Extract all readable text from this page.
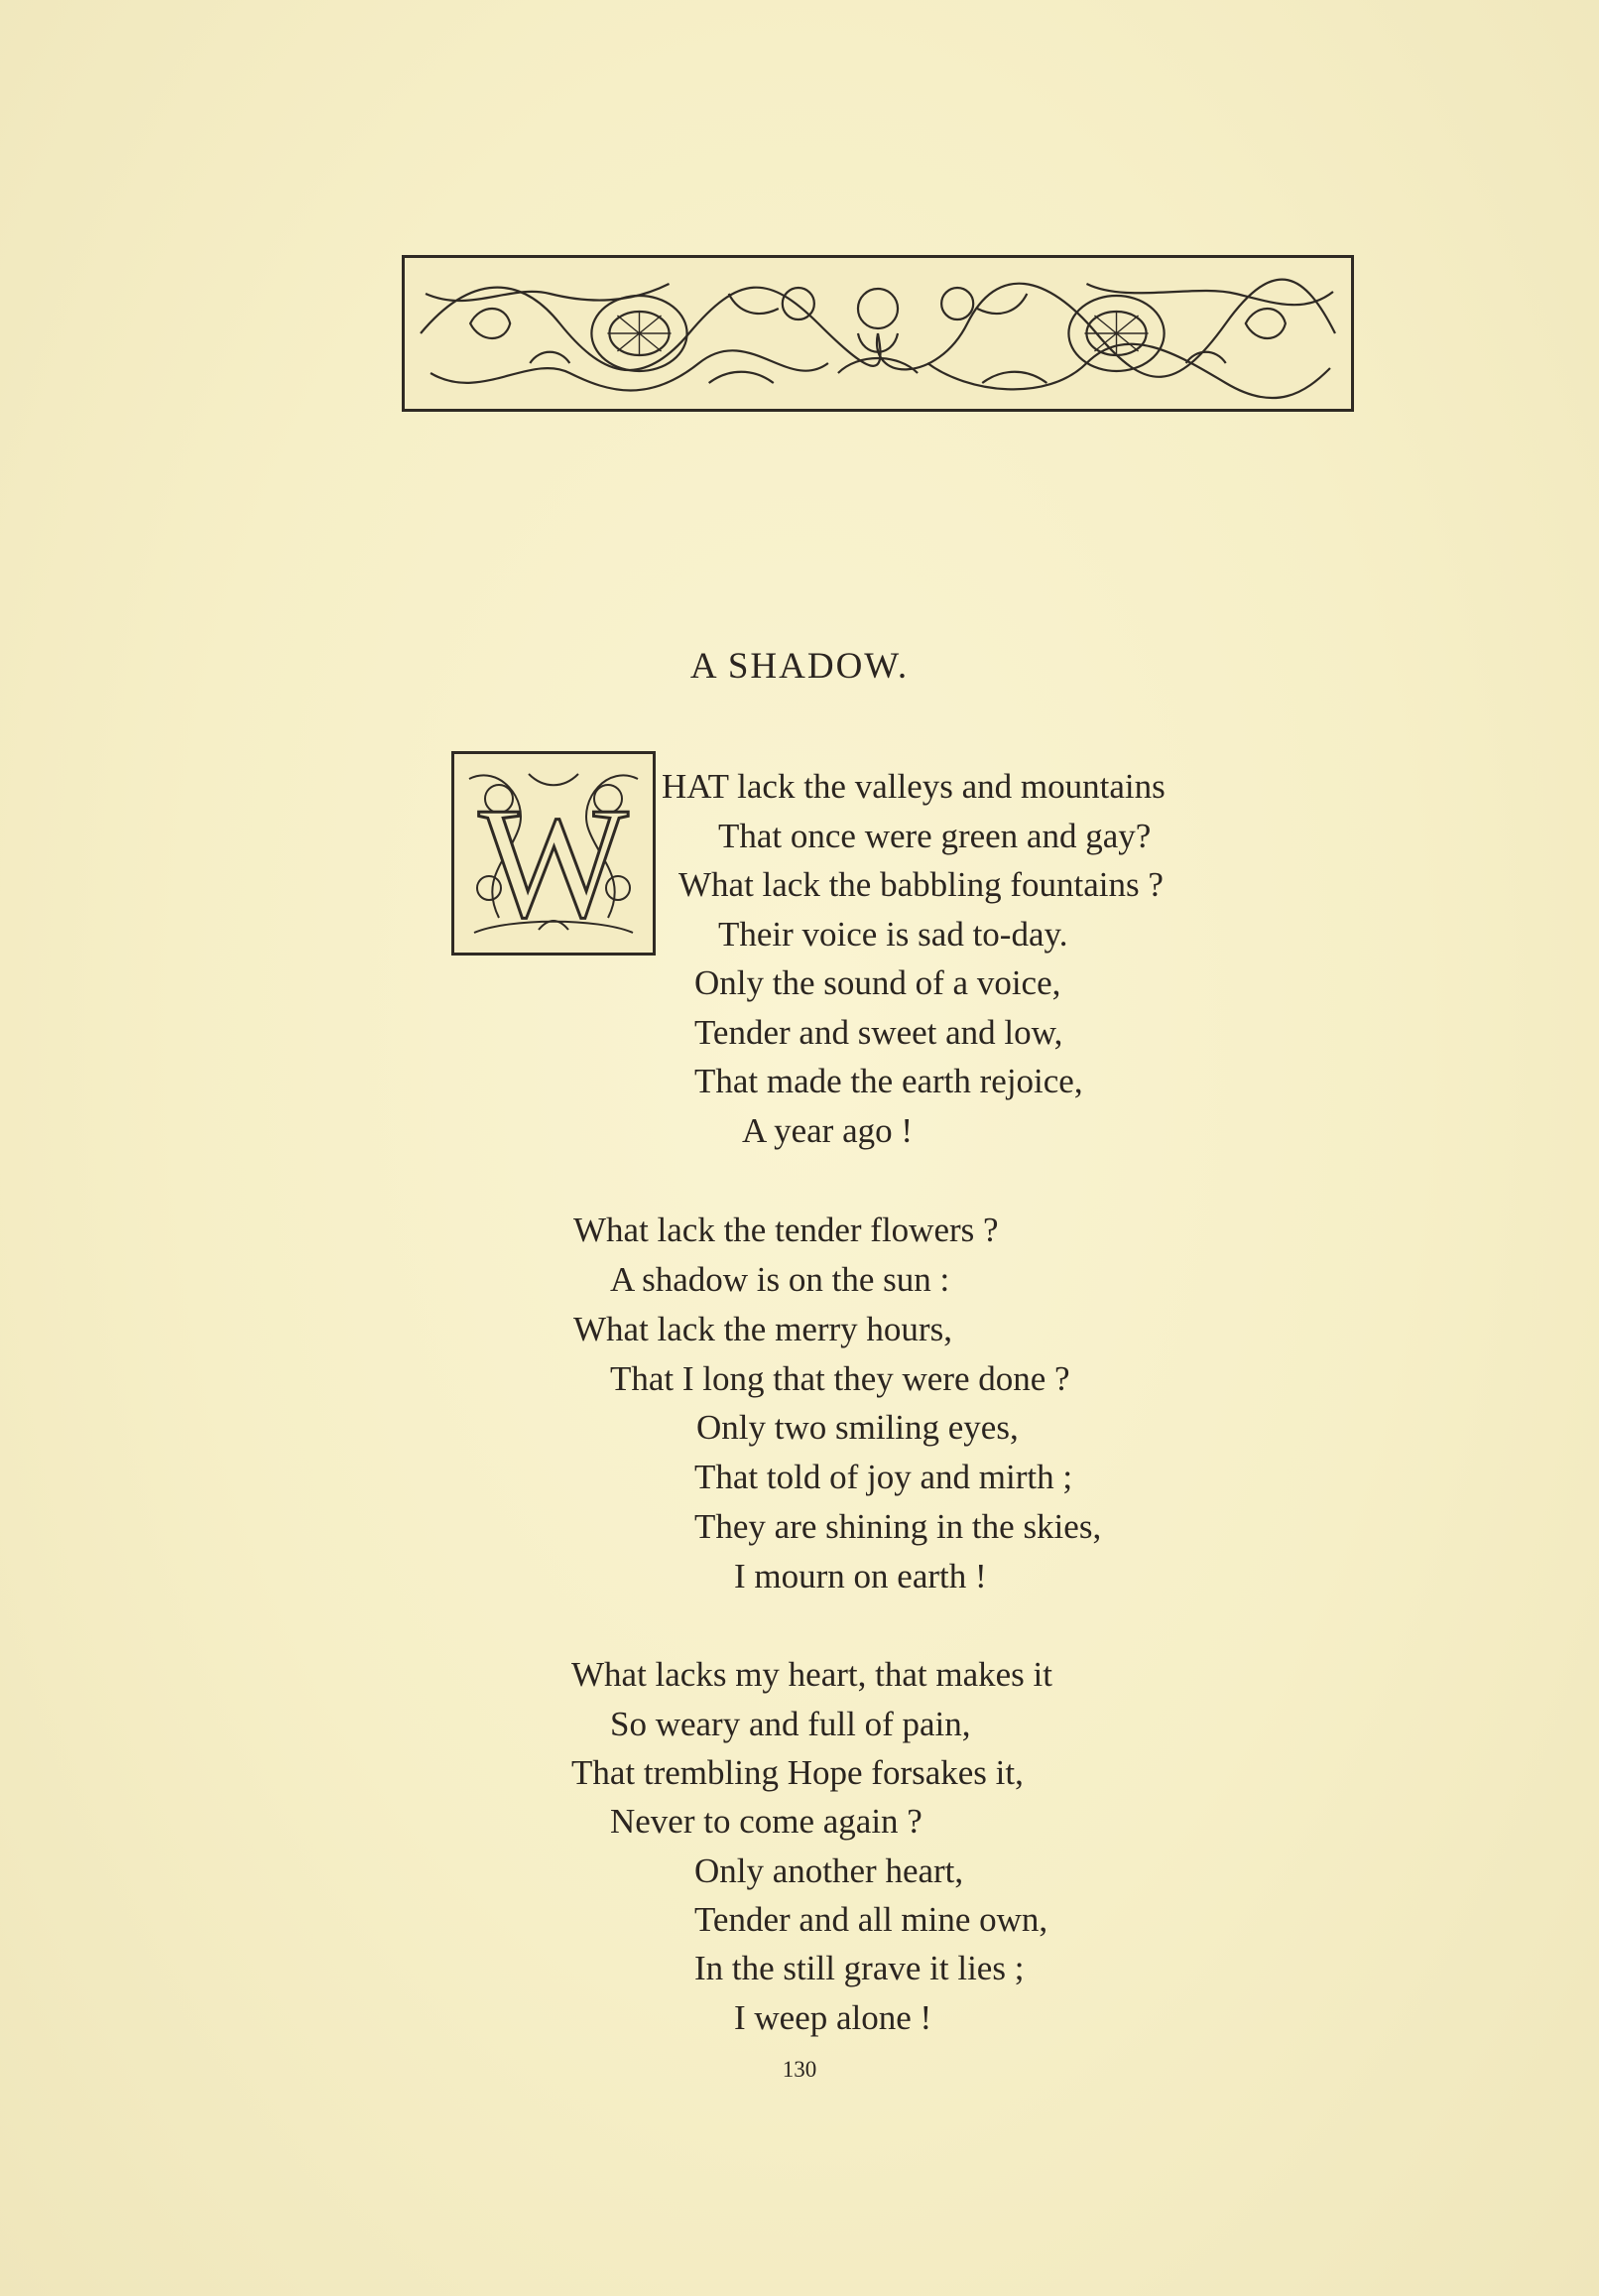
A SHADOW.
W HAT lack the valleys and mountains
That once were green and gay?
What lack the babbling fountains ?
Their voice is sad to-day.
Only the sound of a voice,
Tender and sweet and low,
That made the earth rejoice,
A year ago !
What lack the tender flowers ?
A shadow is on the sun :
What lack the merry hours,
That I long that they were done ?
Only two smiling eyes,
That told of joy and mirth ;
They are shining in the skies,
I mourn on earth !
What lacks my heart, that makes it
So weary and full of pain,
That trembling Hope forsakes it,
Never to come again ?
Only another heart,
Tender and all mine own,
In the still grave it lies ;
I weep alone !
130
